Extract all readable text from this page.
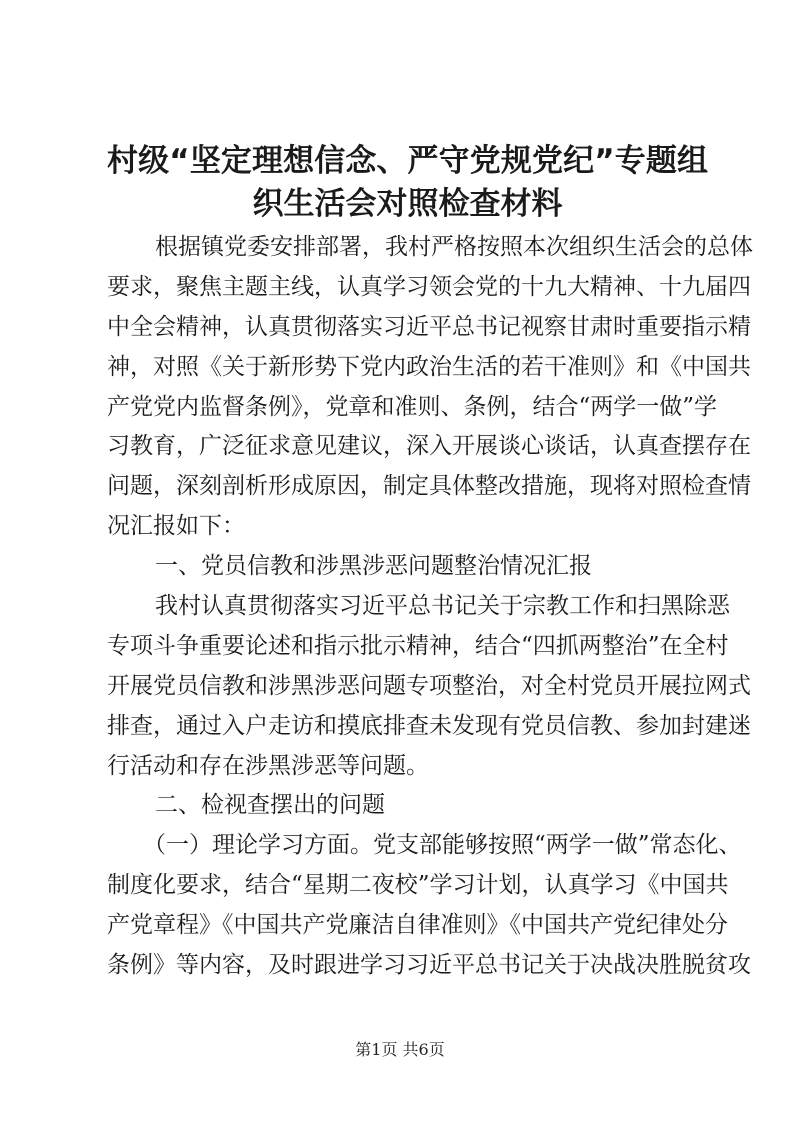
村级“坚定理想信念、严守党规党纪”专题组
织生活会对照检查材料
根据镇党委安排部署，我村严格按照本次组织生活会的总体
要求，聚焦主题主线，认真学习领会党的十九大精神、十九届四
中全会精神，认真贯彻落实习近平总书记视察甘肃时重要指示精
神，对照《关于新形势下党内政治生活的若干准则》和《中国共
产党党内监督条例》，党章和准则、条例，结合“两学一做”学
习教育，广泛征求意见建议，深入开展谈心谈话，认真查摆存在
问题，深刻剖析形成原因，制定具体整改措施，现将对照检查情
况汇报如下：
一、党员信教和涉黑涉恶问题整治情况汇报
我村认真贯彻落实习近平总书记关于宗教工作和扫黑除恶
专项斗争重要论述和指示批示精神，结合“四抓两整治”在全村
开展党员信教和涉黑涉恶问题专项整治，对全村党员开展拉网式
排查，通过入户走访和摸底排查未发现有党员信教、参加封建迷
行活动和存在涉黑涉恶等问题。
二、检视查摆出的问题
（一）理论学习方面。党支部能够按照“两学一做”常态化、
制度化要求，结合“星期二夜校”学习计划，认真学习《中国共
产党章程》《中国共产党廉洁自律准则》《中国共产党纪律处分
条例》等内容，及时跟进学习习近平总书记关于决战决胜脱贫攻
第1页 共6页
